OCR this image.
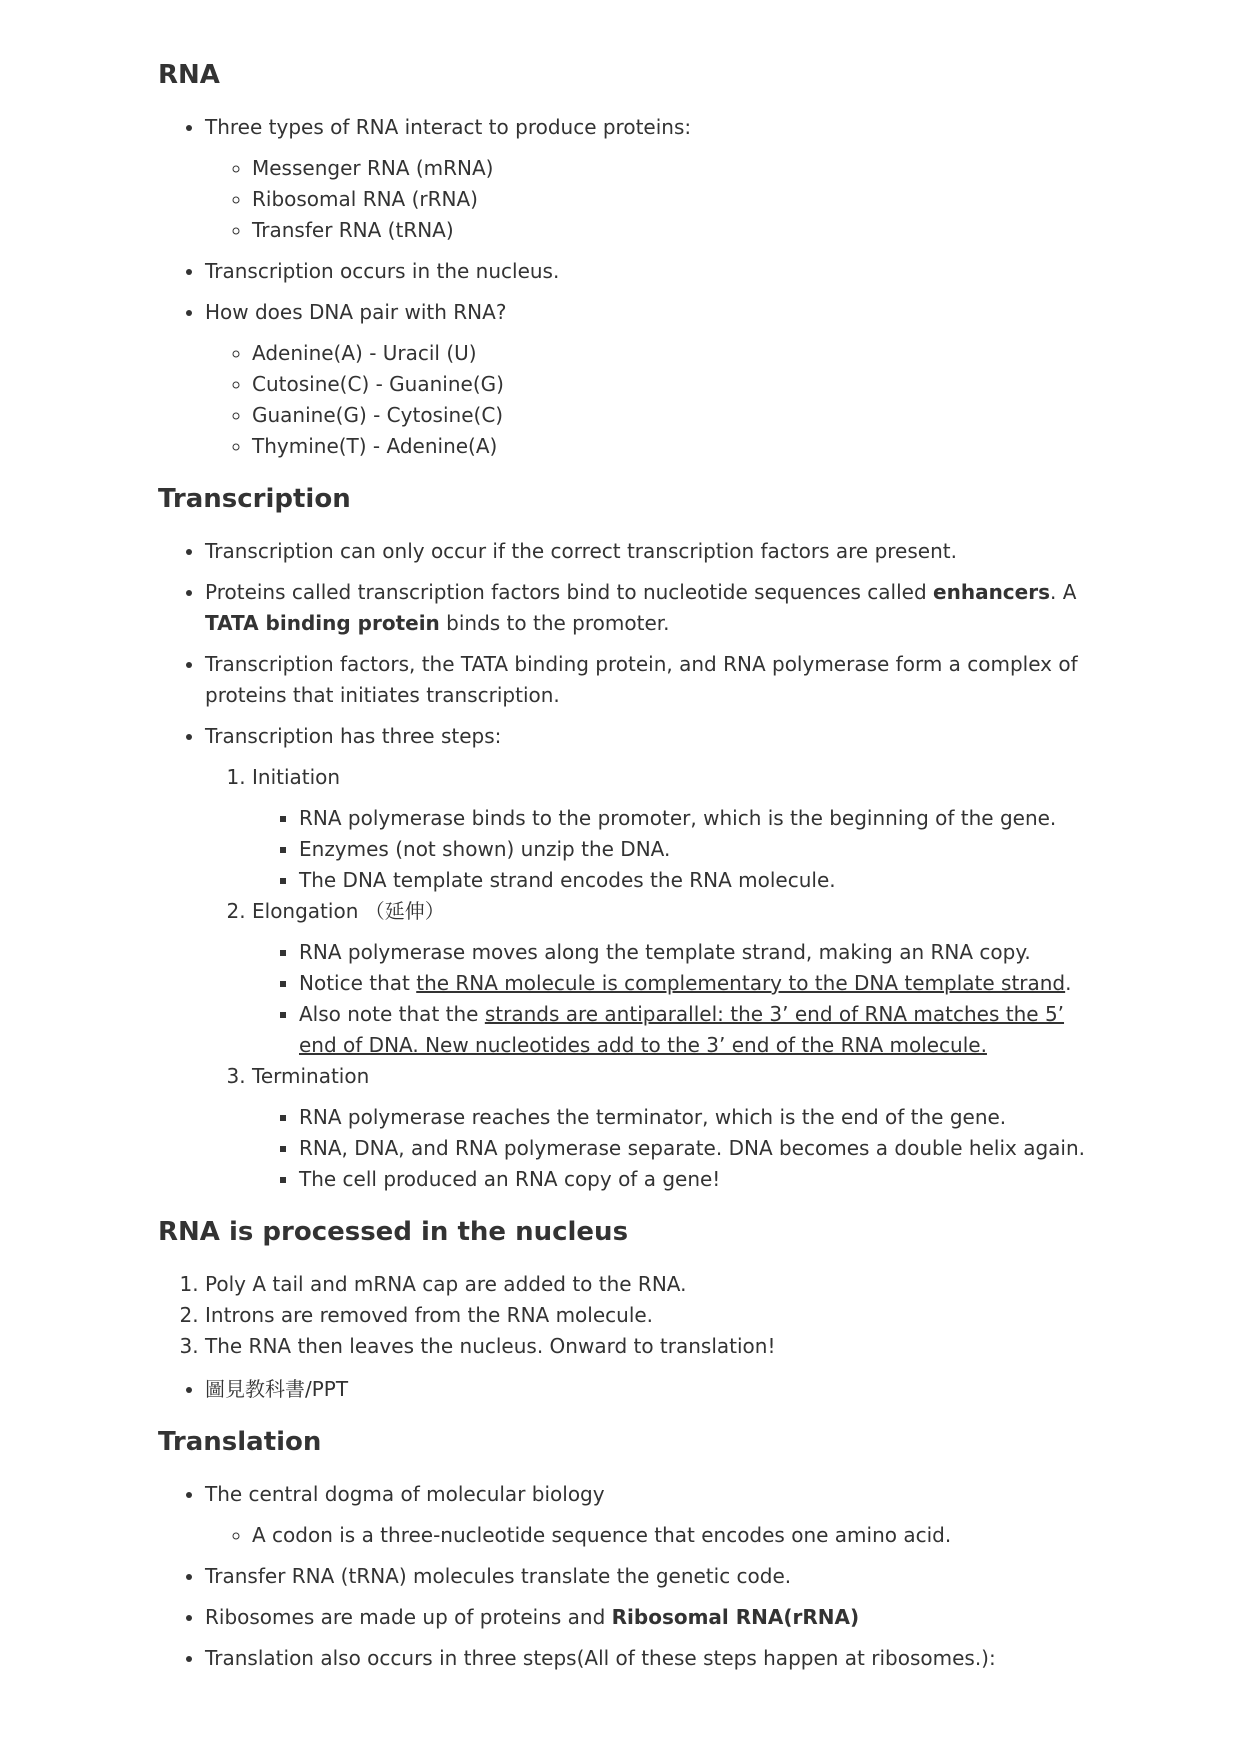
RNA
• Three types of RNA interact to produce proteins:
◦ Messenger RNA (mRNA)
◦ Ribosomal RNA (rRNA)
◦ Transfer RNA (tRNA)
• Transcription occurs in the nucleus.
• How does DNA pair with RNA?
◦ Adenine(A) - Uracil (U)
◦ Cutosine(C) - Guanine(G)
◦ Guanine(G) - Cytosine(C)
◦ Thymine(T) - Adenine(A)
Transcription
• Transcription can only occur if the correct transcription factors are present.
• Proteins called transcription factors bind to nucleotide sequences called enhancers. A TATA binding protein binds to the promoter.
• Transcription factors, the TATA binding protein, and RNA polymerase form a complex of proteins that initiates transcription.
• Transcription has three steps:
1. Initiation
▪ RNA polymerase binds to the promoter, which is the beginning of the gene.
▪ Enzymes (not shown) unzip the DNA.
▪ The DNA template strand encodes the RNA molecule.
2. Elongation （延伸）
▪ RNA polymerase moves along the template strand, making an RNA copy.
▪ Notice that the RNA molecule is complementary to the DNA template strand.
▪ Also note that the strands are antiparallel: the 3’ end of RNA matches the 5’ end of DNA. New nucleotides add to the 3’ end of the RNA molecule.
3. Termination
▪ RNA polymerase reaches the terminator, which is the end of the gene.
▪ RNA, DNA, and RNA polymerase separate. DNA becomes a double helix again.
▪ The cell produced an RNA copy of a gene!
RNA is processed in the nucleus
1. Poly A tail and mRNA cap are added to the RNA.
2. Introns are removed from the RNA molecule.
3. The RNA then leaves the nucleus. Onward to translation!
• 圖見教科書/PPT
Translation
• The central dogma of molecular biology
◦ A codon is a three-nucleotide sequence that encodes one amino acid.
• Transfer RNA (tRNA) molecules translate the genetic code.
• Ribosomes are made up of proteins and Ribosomal RNA(rRNA)
• Translation also occurs in three steps(All of these steps happen at ribosomes.):
